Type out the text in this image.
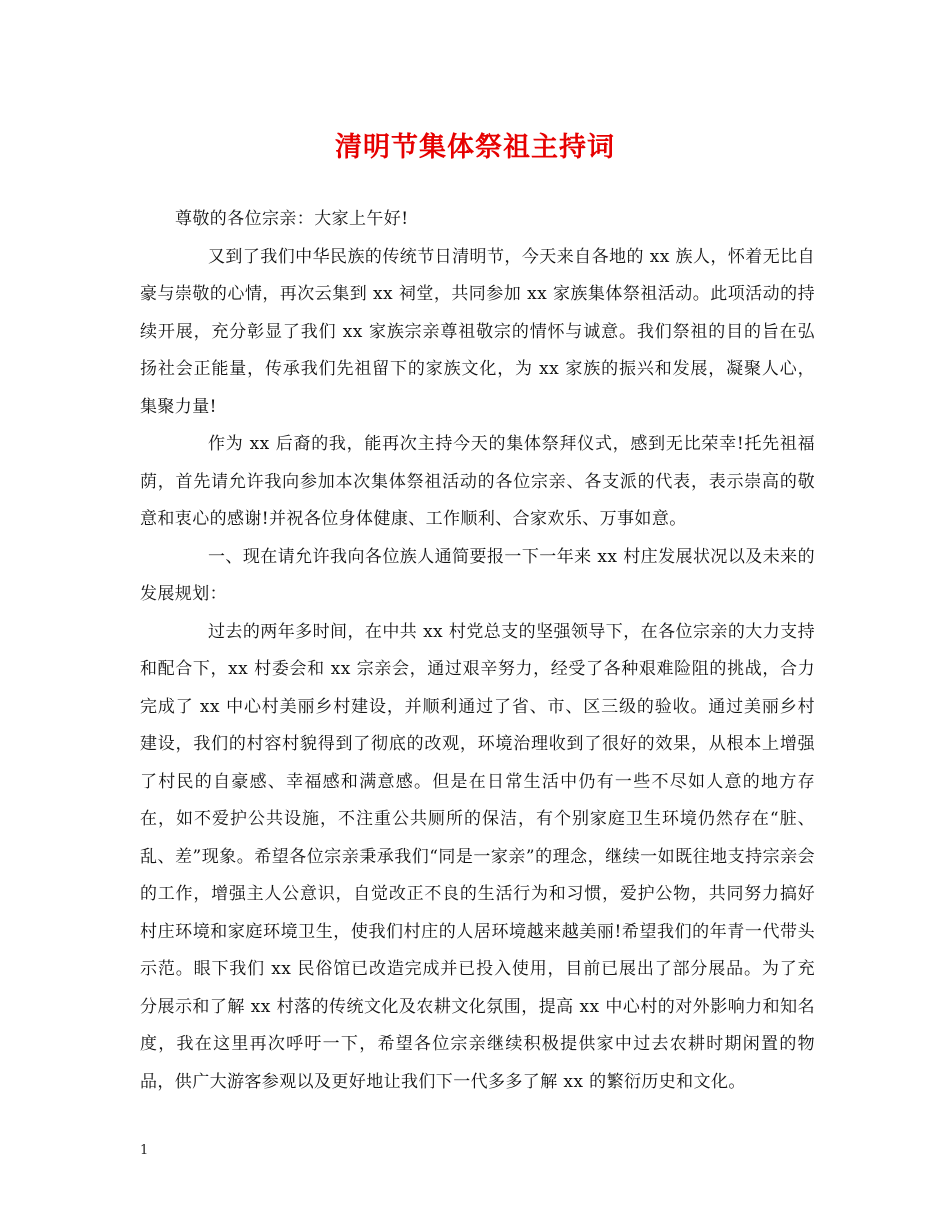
清明节集体祭祖主持词

尊敬的各位宗亲：大家上午好!

又到了我们中华民族的传统节日清明节，今天来自各地的 xx 族人，怀着无比自豪与崇敬的心情，再次云集到 xx 祠堂，共同参加 xx 家族集体祭祖活动。此项活动的持续开展，充分彰显了我们 xx 家族宗亲尊祖敬宗的情怀与诚意。我们祭祖的目的旨在弘扬社会正能量，传承我们先祖留下的家族文化，为 xx 家族的振兴和发展，凝聚人心，集聚力量!

作为 xx 后裔的我，能再次主持今天的集体祭拜仪式，感到无比荣幸!托先祖福荫，首先请允许我向参加本次集体祭祖活动的各位宗亲、各支派的代表，表示崇高的敬意和衷心的感谢!并祝各位身体健康、工作顺利、合家欢乐、万事如意。

一、现在请允许我向各位族人通简要报一下一年来 xx 村庄发展状况以及未来的发展规划：

过去的两年多时间，在中共 xx 村党总支的坚强领导下，在各位宗亲的大力支持和配合下，xx 村委会和 xx 宗亲会，通过艰辛努力，经受了各种艰难险阻的挑战，合力完成了 xx 中心村美丽乡村建设，并顺利通过了省、市、区三级的验收。通过美丽乡村建设，我们的村容村貌得到了彻底的改观，环境治理收到了很好的效果，从根本上增强了村民的自豪感、幸福感和满意感。但是在日常生活中仍有一些不尽如人意的地方存在，如不爱护公共设施，不注重公共厕所的保洁，有个别家庭卫生环境仍然存在“脏、乱、差”现象。希望各位宗亲秉承我们“同是一家亲”的理念，继续一如既往地支持宗亲会的工作，增强主人公意识，自觉改正不良的生活行为和习惯，爱护公物，共同努力搞好村庄环境和家庭环境卫生，使我们村庄的人居环境越来越美丽!希望我们的年青一代带头示范。眼下我们 xx 民俗馆已改造完成并已投入使用，目前已展出了部分展品。为了充分展示和了解 xx 村落的传统文化及农耕文化氛围，提高 xx 中心村的对外影响力和知名度，我在这里再次呼吁一下，希望各位宗亲继续积极提供家中过去农耕时期闲置的物品，供广大游客参观以及更好地让我们下一代多多了解 xx 的繁衍历史和文化。

1
